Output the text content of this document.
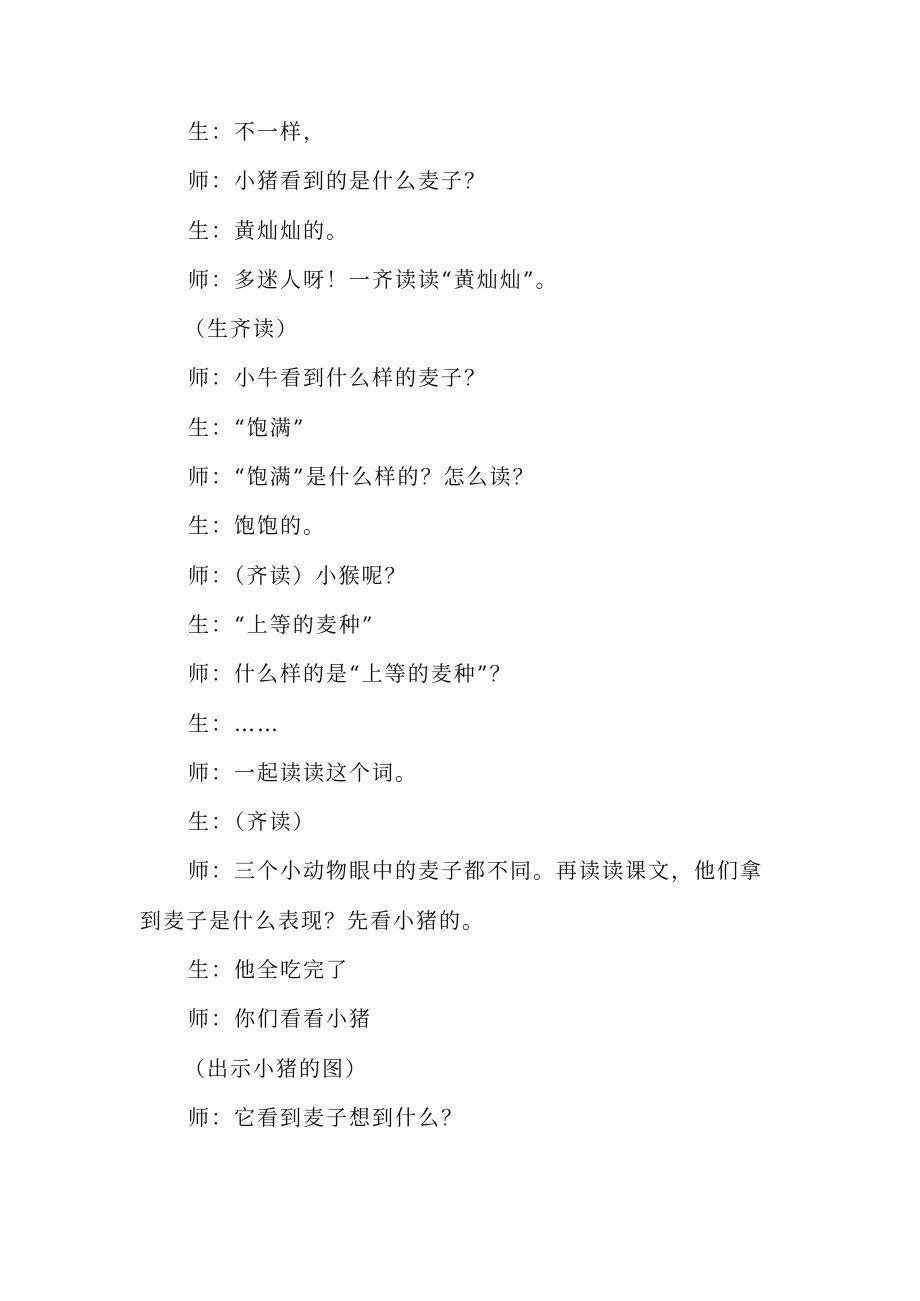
生：不一样，
师：小猪看到的是什么麦子？
生：黄灿灿的。
师：多迷人呀！一齐读读“黄灿灿”。
（生齐读）
师：小牛看到什么样的麦子？
生：“饱满”
师：“饱满”是什么样的？怎么读？
生：饱饱的。
师：（齐读）小猴呢？
生：“上等的麦种”
师：什么样的是“上等的麦种”？
生：……
师：一起读读这个词。
生：（齐读）
师：三个小动物眼中的麦子都不同。再读读课文，他们拿
到麦子是什么表现？先看小猪的。
生：他全吃完了
师：你们看看小猪
（出示小猪的图）
师：它看到麦子想到什么？
